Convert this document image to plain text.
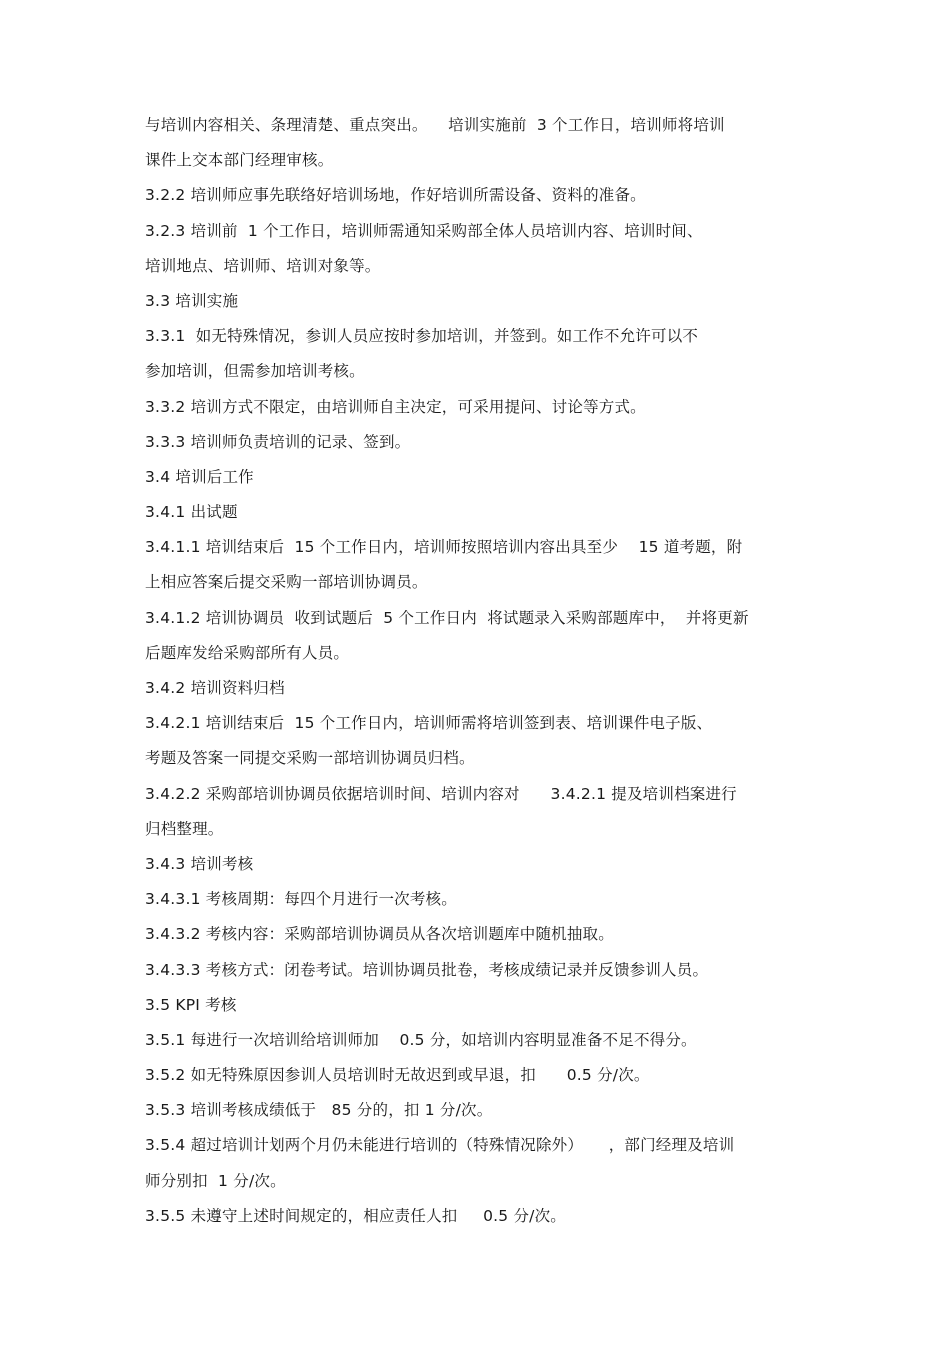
与培训内容相关、条理清楚、重点突出。    培训实施前  3 个工作日，培训师将培训
课件上交本部门经理审核。
3.2.2 培训师应事先联络好培训场地，作好培训所需设备、资料的准备。
3.2.3 培训前  1 个工作日，培训师需通知采购部全体人员培训内容、培训时间、
培训地点、培训师、培训对象等。
3.3 培训实施
3.3.1  如无特殊情况，参训人员应按时参加培训，并签到。如工作不允许可以不
参加培训，但需参加培训考核。
3.3.2 培训方式不限定，由培训师自主决定，可采用提问、讨论等方式。
3.3.3 培训师负责培训的记录、签到。
3.4 培训后工作
3.4.1 出试题
3.4.1.1 培训结束后  15 个工作日内，培训师按照培训内容出具至少    15 道考题，附
上相应答案后提交采购一部培训协调员。
3.4.1.2 培训协调员  收到试题后  5 个工作日内  将试题录入采购部题库中，  并将更新
后题库发给采购部所有人员。
3.4.2 培训资料归档
3.4.2.1 培训结束后  15 个工作日内，培训师需将培训签到表、培训课件电子版、
考题及答案一同提交采购一部培训协调员归档。
3.4.2.2 采购部培训协调员依据培训时间、培训内容对      3.4.2.1 提及培训档案进行
归档整理。
3.4.3 培训考核
3.4.3.1 考核周期：每四个月进行一次考核。
3.4.3.2 考核内容：采购部培训协调员从各次培训题库中随机抽取。
3.4.3.3 考核方式：闭卷考试。培训协调员批卷，考核成绩记录并反馈参训人员。
3.5 KPI 考核
3.5.1 每进行一次培训给培训师加    0.5 分，如培训内容明显准备不足不得分。
3.5.2 如无特殊原因参训人员培训时无故迟到或早退，扣      0.5 分/次。
3.5.3 培训考核成绩低于   85 分的，扣 1 分/次。
3.5.4 超过培训计划两个月仍未能进行培训的（特殊情况除外）     ，部门经理及培训
师分别扣  1 分/次。
3.5.5 未遵守上述时间规定的，相应责任人扣     0.5 分/次。
